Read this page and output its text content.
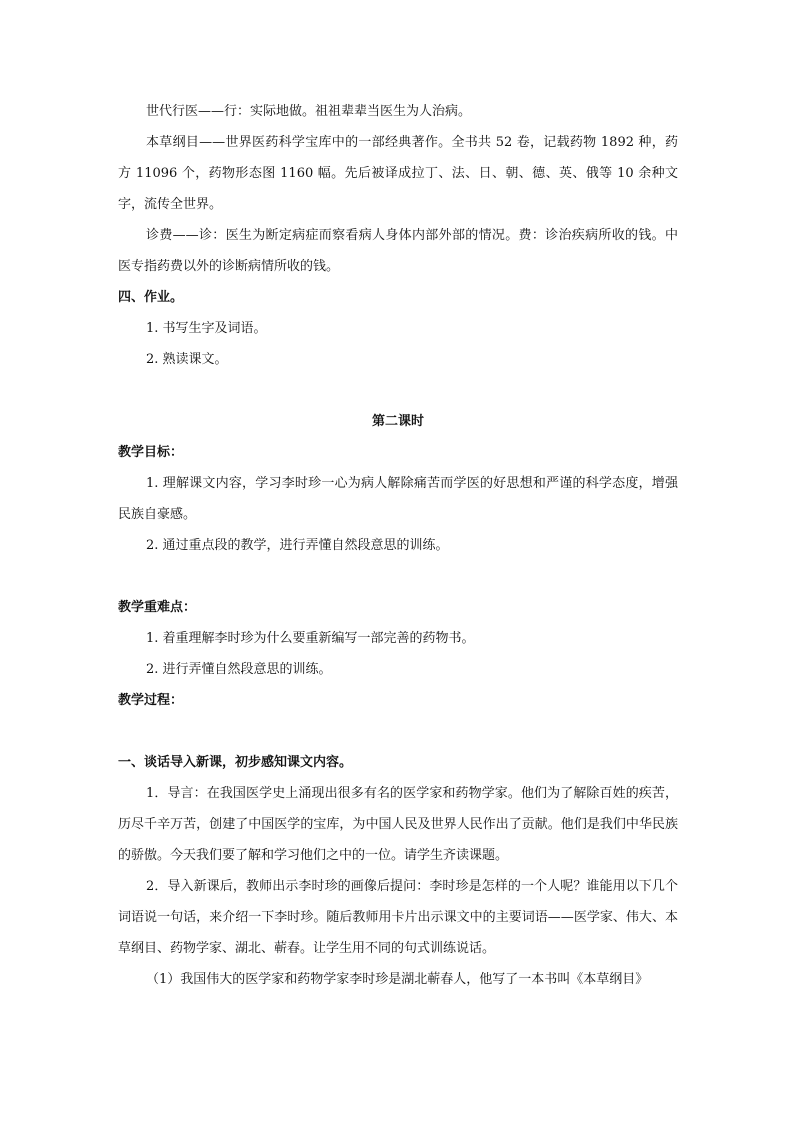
世代行医——行：实际地做。祖祖辈辈当医生为人治病。

本草纲目——世界医药科学宝库中的一部经典著作。全书共 52 卷，记载药物 1892 种，药方 11096 个，药物形态图 1160 幅。先后被译成拉丁、法、日、朝、德、英、俄等 10 余种文字，流传全世界。

诊费——诊：医生为断定病症而察看病人身体内部外部的情况。费：诊治疾病所收的钱。中医专指药费以外的诊断病情所收的钱。

四、作业。

1. 书写生字及词语。

2. 熟读课文。

第二课时

教学目标：

1. 理解课文内容，学习李时珍一心为病人解除痛苦而学医的好思想和严谨的科学态度，增强民族自豪感。

2. 通过重点段的教学，进行弄懂自然段意思的训练。

教学重难点：

1. 着重理解李时珍为什么要重新编写一部完善的药物书。

2. 进行弄懂自然段意思的训练。

教学过程：

一、谈话导入新课，初步感知课文内容。

1．导言：在我国医学史上涌现出很多有名的医学家和药物学家。他们为了解除百姓的疾苦，历尽千辛万苦，创建了中国医学的宝库，为中国人民及世界人民作出了贡献。他们是我们中华民族的骄傲。今天我们要了解和学习他们之中的一位。请学生齐读课题。

2．导入新课后，教师出示李时珍的画像后提问：李时珍是怎样的一个人呢？谁能用以下几个词语说一句话，来介绍一下李时珍。随后教师用卡片出示课文中的主要词语——医学家、伟大、本草纲目、药物学家、湖北、蕲春。让学生用不同的句式训练说话。

（1）我国伟大的医学家和药物学家李时珍是湖北蕲春人，他写了一本书叫《本草纲目》
